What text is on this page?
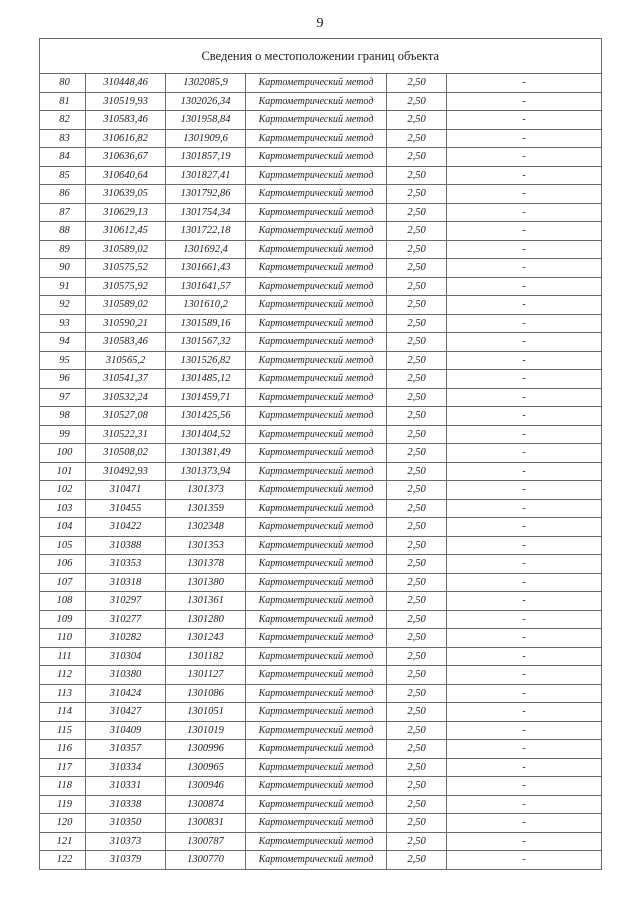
9
	Сведения о местоположении границ объекта				
80	310448,46	1302085,9	Картометрический метод	2,50	-
81	310519,93	1302026,34	Картометрический метод	2,50	-
82	310583,46	1301958,84	Картометрический метод	2,50	-
83	310616,82	1301909,6	Картометрический метод	2,50	-
84	310636,67	1301857,19	Картометрический метод	2,50	-
85	310640,64	1301827,41	Картометрический метод	2,50	-
86	310639,05	1301792,86	Картометрический метод	2,50	-
87	310629,13	1301754,34	Картометрический метод	2,50	-
88	310612,45	1301722,18	Картометрический метод	2,50	-
89	310589,02	1301692,4	Картометрический метод	2,50	-
90	310575,52	1301661,43	Картометрический метод	2,50	-
91	310575,92	1301641,57	Картометрический метод	2,50	-
92	310589,02	1301610,2	Картометрический метод	2,50	-
93	310590,21	1301589,16	Картометрический метод	2,50	-
94	310583,46	1301567,32	Картометрический метод	2,50	-
95	310565,2	1301526,82	Картометрический метод	2,50	-
96	310541,37	1301485,12	Картометрический метод	2,50	-
97	310532,24	1301459,71	Картометрический метод	2,50	-
98	310527,08	1301425,56	Картометрический метод	2,50	-
99	310522,31	1301404,52	Картометрический метод	2,50	-
100	310508,02	1301381,49	Картометрический метод	2,50	-
101	310492,93	1301373,94	Картометрический метод	2,50	-
102	310471	1301373	Картометрический метод	2,50	-
103	310455	1301359	Картометрический метод	2,50	-
104	310422	1302348	Картометрический метод	2,50	-
105	310388	1301353	Картометрический метод	2,50	-
106	310353	1301378	Картометрический метод	2,50	-
107	310318	1301380	Картометрический метод	2,50	-
108	310297	1301361	Картометрический метод	2,50	-
109	310277	1301280	Картометрический метод	2,50	-
110	310282	1301243	Картометрический метод	2,50	-
111	310304	1301182	Картометрический метод	2,50	-
112	310380	1301127	Картометрический метод	2,50	-
113	310424	1301086	Картометрический метод	2,50	-
114	310427	1301051	Картометрический метод	2,50	-
115	310409	1301019	Картометрический метод	2,50	-
116	310357	1300996	Картометрический метод	2,50	-
117	310334	1300965	Картометрический метод	2,50	-
118	310331	1300946	Картометрический метод	2,50	-
119	310338	1300874	Картометрический метод	2,50	-
120	310350	1300831	Картометрический метод	2,50	-
121	310373	1300787	Картометрический метод	2,50	-
122	310379	1300770	Картометрический метод	2,50	-
